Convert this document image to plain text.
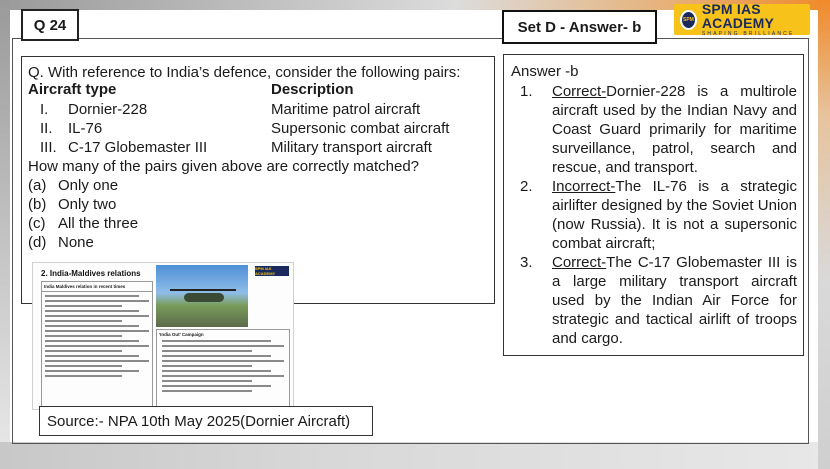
Q 24	Set D - Answer- b	SPM
SPM IAS ACADEMY
SHAPING BRILLIANCE
Q. With reference to India’s defence, consider the following pairs:
Aircraft type	Description
I. Dornier-228	Maritime patrol aircraft
II. IL-76	Supersonic combat aircraft
III. C-17 Globemaster III	Military transport aircraft
How many of the pairs given above are correctly matched?
(a) Only one
(b) Only two
(c) All the three
(d) None
Answer -b
1. Correct-Dornier-228 is a multirole aircraft used by the Indian Navy and Coast Guard primarily for maritime surveillance, patrol, search and rescue, and transport.
2. Incorrect-The IL-76 is a strategic airlifter designed by the Soviet Union (now Russia). It is not a supersonic combat aircraft;
3. Correct-The C-17 Globemaster III is a large military transport aircraft used by the Indian Air Force for strategic and tactical airlift of troops and cargo.
2. India-Maldives relations
SPM IAS ACADEMY
India Maldives relation in recent times
'India Out' Campaign
Source:- NPA 10th May 2025(Dornier Aircraft)
